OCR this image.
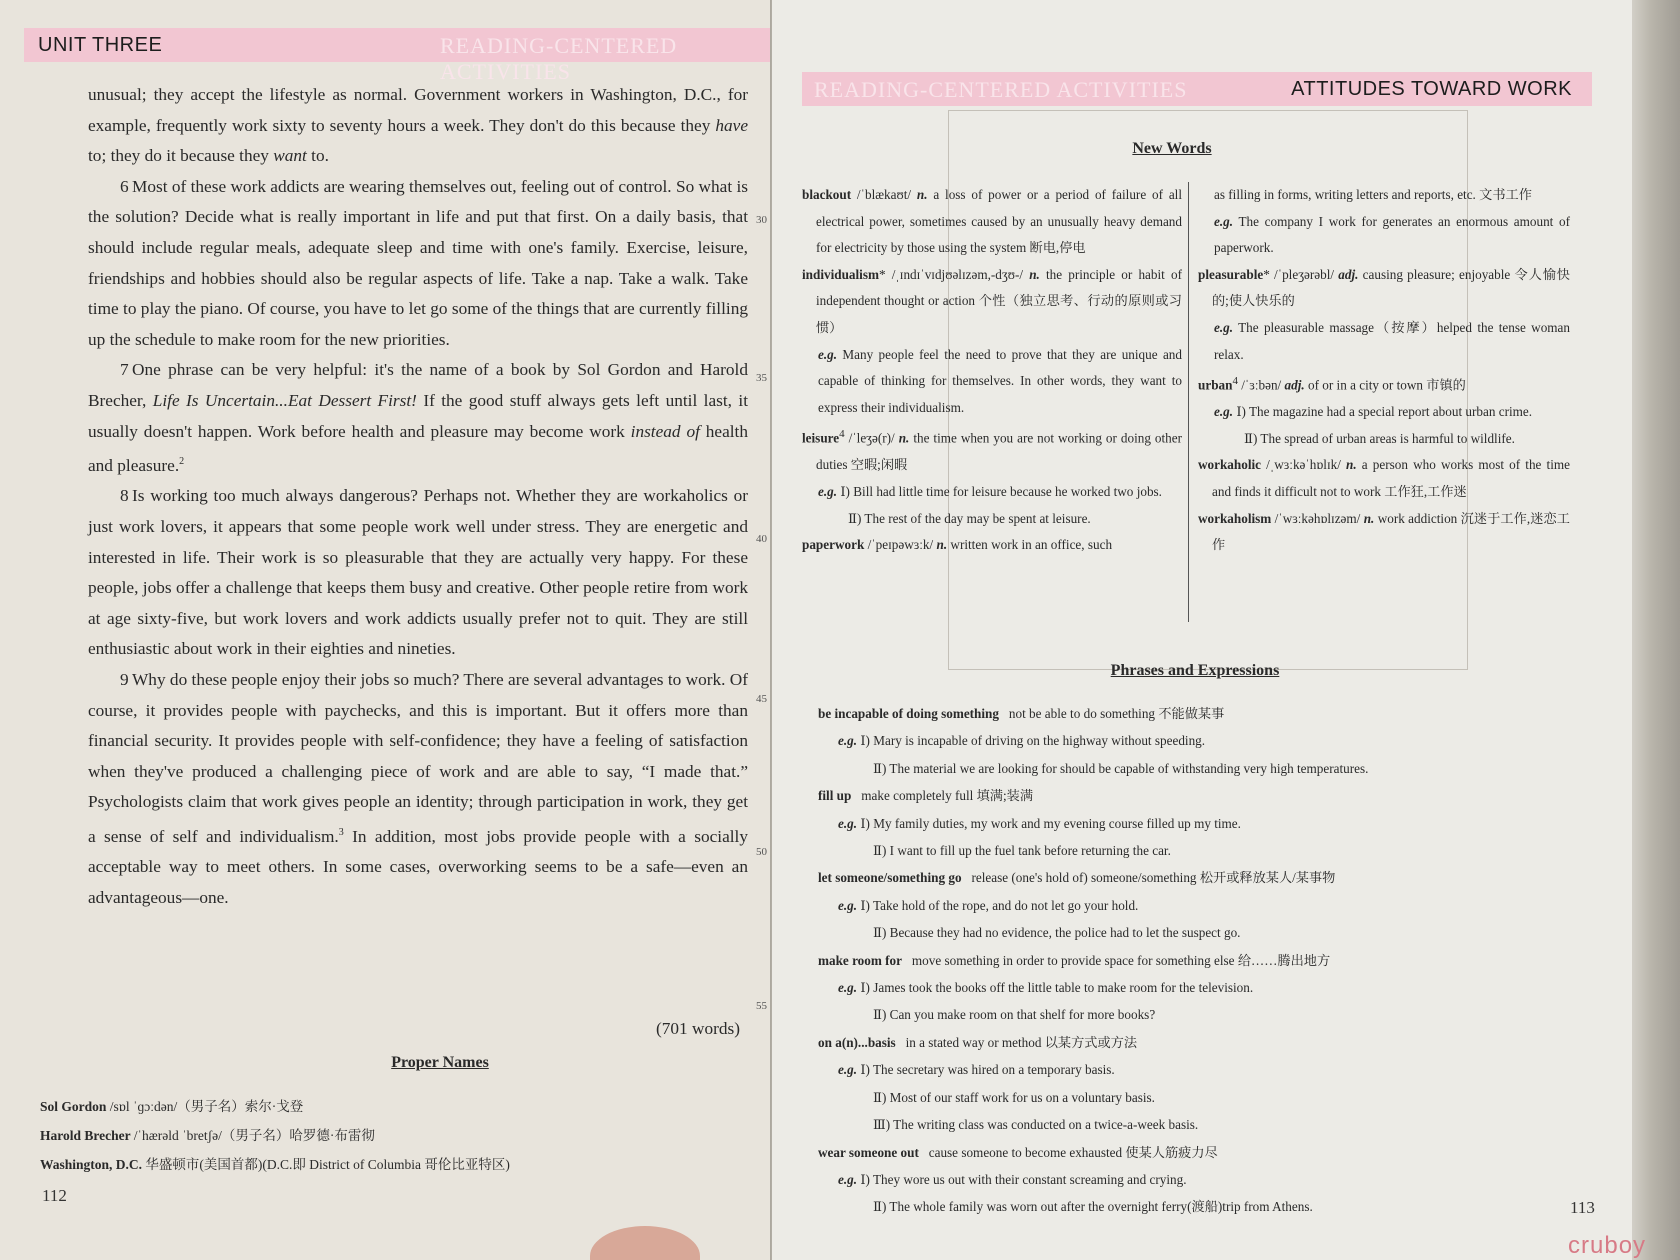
UNIT THREE	READING-CENTERED ACTIVITIES

unusual; they accept the lifestyle as normal. Government workers in Washington, D.C., for example, frequently work sixty to seventy hours a week. They don't do this because they have to; they do it because they want to.

6 Most of these work addicts are wearing themselves out, feeling out of control. So what is the solution? Decide what is really important in life and put that first. On a daily basis, that should include regular meals, adequate sleep and time with one's family. Exercise, leisure, friendships and hobbies should also be regular aspects of life. Take a nap. Take a walk. Take time to play the piano. Of course, you have to let go some of the things that are currently filling up the schedule to make room for the new priorities.

7 One phrase can be very helpful: it's the name of a book by Sol Gordon and Harold Brecher, Life Is Uncertain...Eat Dessert First! If the good stuff always gets left until last, it usually doesn't happen. Work before health and pleasure may become work instead of health and pleasure.$^2$

8 Is working too much always dangerous? Perhaps not. Whether they are workaholics or just work lovers, it appears that some people work well under stress. They are energetic and interested in life. Their work is so pleasurable that they are actually very happy. For these people, jobs offer a challenge that keeps them busy and creative. Other people retire from work at age sixty-five, but work lovers and work addicts usually prefer not to quit. They are still enthusiastic about work in their eighties and nineties.

9 Why do these people enjoy their jobs so much? There are several advantages to work. Of course, it provides people with paychecks, and this is important. But it offers more than financial security. It provides people with self-confidence; they have a feeling of satisfaction when they've produced a challenging piece of work and are able to say, “I made that.” Psychologists claim that work gives people an identity; through participation in work, they get a sense of self and individualism.$^3$ In addition, most jobs provide people with a socially acceptable way to meet others. In some cases, overworking seems to be a safe—even an advantageous—one.

30
35
40
45
50
55
(701 words)
Proper Names
Sol Gordon /sɒl ˈɡɔːdən/（男子名）索尔·戈登
Harold Brecher /ˈhærəld ˈbretʃə/（男子名）哈罗德·布雷彻
Washington, D.C. 华盛顿市(美国首都)(D.C.即 District of Columbia 哥伦比亚特区)
112
READING-CENTERED ACTIVITIES	ATTITUDES TOWARD WORK
New Words
blackout /ˈblækaʊt/ n. a loss of power or a period of failure of all electrical power, sometimes caused by an unusually heavy demand for electricity by those using the system 断电,停电
individualism* /ˌɪndɪˈvɪdjʊəlɪzəm,-dʒʊ-/ n. the principle or habit of independent thought or action 个性（独立思考、行动的原则或习惯）
e.g. Many people feel the need to prove that they are unique and capable of thinking for themselves. In other words, they want to express their individualism.
leisure$^4$ /ˈleʒə(r)/ n. the time when you are not working or doing other duties 空暇;闲暇
e.g. Ⅰ) Bill had little time for leisure because he worked two jobs.
Ⅱ) The rest of the day may be spent at leisure.
paperwork /ˈpeɪpəwɜːk/ n. written work in an office, such
as filling in forms, writing letters and reports, etc. 文书工作
e.g. The company I work for generates an enormous amount of paperwork.
pleasurable* /ˈpleʒərəbl/ adj. causing pleasure; enjoyable 令人愉快的;使人快乐的
e.g. The pleasurable massage（按摩）helped the tense woman relax.
urban$^4$ /ˈɜːbən/ adj. of or in a city or town 市镇的
e.g. Ⅰ) The magazine had a special report about urban crime.
Ⅱ) The spread of urban areas is harmful to wildlife.
workaholic /ˌwɜːkəˈhɒlɪk/ n. a person who works most of the time and finds it difficult not to work 工作狂,工作迷
workaholism /ˈwɜːkəhɒlɪzəm/ n. work addiction 沉迷于工作,迷恋工作
Phrases and Expressions
be incapable of doing something   not be able to do something 不能做某事
e.g. Ⅰ) Mary is incapable of driving on the highway without speeding.
Ⅱ) The material we are looking for should be capable of withstanding very high temperatures.
fill up   make completely full 填满;装满
e.g. Ⅰ) My family duties, my work and my evening course filled up my time.
Ⅱ) I want to fill up the fuel tank before returning the car.
let someone/something go   release (one's hold of) someone/something 松开或释放某人/某事物
e.g. Ⅰ) Take hold of the rope, and do not let go your hold.
Ⅱ) Because they had no evidence, the police had to let the suspect go.
make room for   move something in order to provide space for something else 给……腾出地方
e.g. Ⅰ) James took the books off the little table to make room for the television.
Ⅱ) Can you make room on that shelf for more books?
on a(n)...basis   in a stated way or method 以某方式或方法
e.g. Ⅰ) The secretary was hired on a temporary basis.
Ⅱ) Most of our staff work for us on a voluntary basis.
Ⅲ) The writing class was conducted on a twice-a-week basis.
wear someone out   cause someone to become exhausted 使某人筋疲力尽
e.g. Ⅰ) They wore us out with their constant screaming and crying.
Ⅱ) The whole family was worn out after the overnight ferry(渡船)trip from Athens.	113
cruboy
